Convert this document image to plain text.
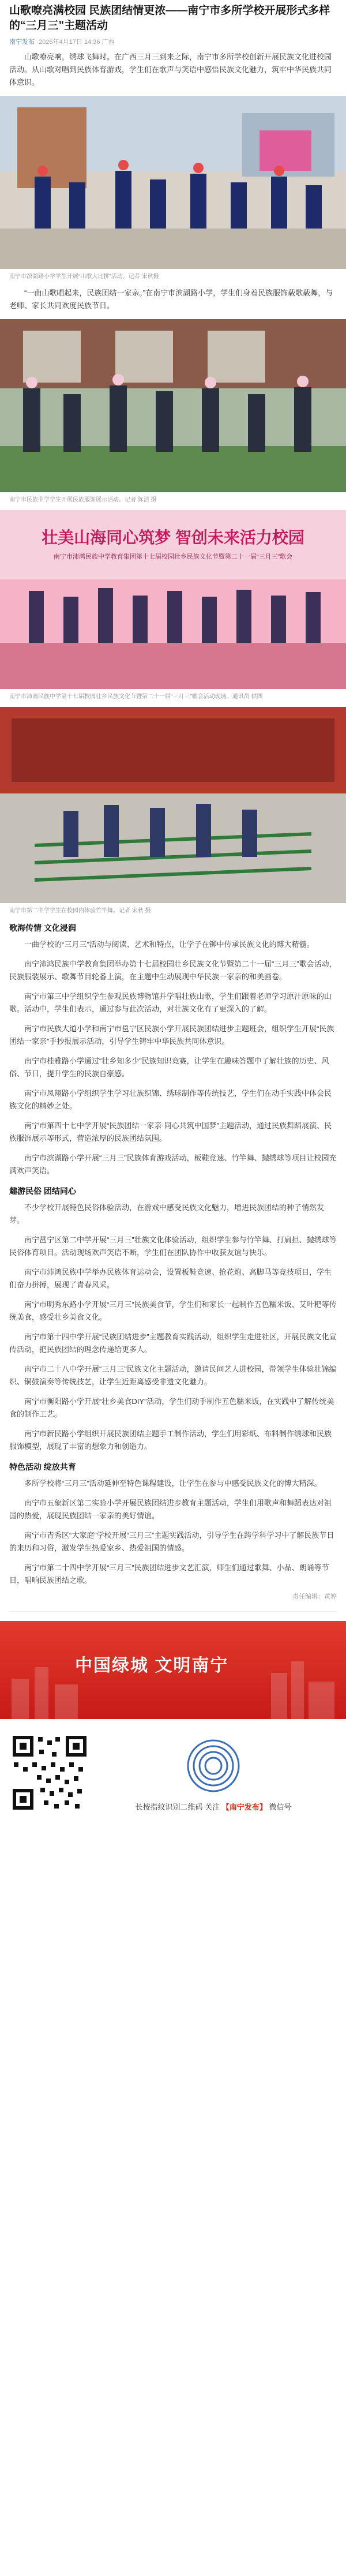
山歌嘹亮满校园 民族团结情更浓——南宁市多所学校开展形式多样的“三月三”主题活动
南宁发布 2026年4月17日 14:36 广西

山歌嘹亮响，绣球飞舞时。在广西三月三到来之际，南宁市多所学校创新开展民族文化进校园活动。从山歌对唱到民族体育游戏，学生们在歌声与笑语中感悟民族文化魅力，筑牢中华民族共同体意识。

南宁市滨湖路小学学生开展“山歌大比拼”活动。记者 宋秋摄

“一曲山歌唱起来，民族团结一家亲。”在南宁市滨湖路小学，学生们身着民族服饰载歌载舞，与老师、家长共同欢度民族节日。

南宁市民族中学学生开展民族服饰展示活动。记者 陈洁 摄
壮美山海同心筑梦 智创未来活力校园
南宁市沛鸿民族中学教育集团第十七届校园壮乡民族文化节暨第二十一届“三月三”歌会
南宁市沛鸿民族中学第十七届校园壮乡民族文化节暨第二十一届“三月三”歌会活动现场。通讯员 供图
南宁市第二中学学生在校园内体验竹竿舞。记者 宋秋 摄
歌海传情 文化浸润

一曲学校的“三月三”活动与阅读、艺术和特点，让学子在铆中传承民族文化的博大精髓。

南宁沛鸿民族中学教育集团举办第十七届校园壮乡民族文化节暨第二十一届“三月三”歌会活动，民族服装展示、歌舞节目轮番上演，在主题中生动展现中华民族一家亲的和美画卷。

南宁市第三中学组织学生参观民族博物馆并学唱壮族山歌，学生们跟着老师学习原汁原味的山歌。活动中，学生们表示，通过参与此次活动，对壮族文化有了更深入的了解。

南宁市民族大道小学和南宁市邕宁区民族小学开展民族团结进步主题班会，组织学生开展“民族团结一家亲”手抄报展示活动，引导学生铸牢中华民族共同体意识。

南宁市桂雅路小学通过“壮乡知多少”民族知识竞赛，让学生在趣味答题中了解壮族的历史、风俗、节日，提升学生的民族自豪感。

南宁市凤翔路小学组织学生学习壮族织锦、绣球制作等传统技艺，学生们在动手实践中体会民族文化的精妙之处。

南宁市第四十七中学开展“民族团结一家亲·同心共筑中国梦”主题活动，通过民族舞蹈展演、民族服饰展示等形式，营造浓厚的民族团结氛围。

南宁市滨湖路小学开展“三月三”民族体育游戏活动，板鞋竞速、竹竿舞、抛绣球等项目让校园充满欢声笑语。

趣游民俗 团结同心

不少学校开展特色民俗体验活动，在游戏中感受民族文化魅力，增进民族团结的种子悄然发芽。

南宁邕宁区第二中学开展“三月三”壮族文化体验活动，组织学生参与竹竿舞、打扁担、抛绣球等民俗体育项目。活动现场欢声笑语不断，学生们在团队协作中收获友谊与快乐。

南宁市沛鸿民族中学举办民族体育运动会，设置板鞋竞速、抢花炮、高脚马等竞技项目，学生们奋力拼搏，展现了青春风采。

南宁市明秀东路小学开展“三月三”民族美食节，学生们和家长一起制作五色糯米饭、艾叶粑等传统美食，感受壮乡美食文化。

南宁市第十四中学开展“民族团结进步”主题教育实践活动，组织学生走进社区，开展民族文化宣传活动，把民族团结的理念传递给更多人。

南宁市二十八中学开展“三月三”民族文化主题活动，邀请民间艺人进校园，带领学生体验壮锦编织、铜鼓演奏等传统技艺，让学生近距离感受非遗文化魅力。

南宁市衡阳路小学开展“壮乡美食DIY”活动，学生们动手制作五色糯米饭，在实践中了解传统美食的制作工艺。

南宁市新民路小学组织开展民族团结主题手工制作活动，学生们用彩纸、布料制作绣球和民族服饰模型，展现了丰富的想象力和创造力。

特色活动 绽放共育

多所学校将“三月三”活动延伸至特色课程建设，让学生在参与中感受民族文化的博大精深。

南宁市五象新区第二实验小学开展民族团结进步教育主题活动，学生们用歌声和舞蹈表达对祖国的热爱，展现民族团结一家亲的美好情谊。

南宁市青秀区“大家庭”学校开展“三月三”主题实践活动，引导学生在跨学科学习中了解民族节日的来历和习俗，激发学生热爱家乡、热爱祖国的情感。

南宁市第二十四中学开展“三月三”民族团结进步文艺汇演，师生们通过歌舞、小品、朗诵等节目，唱响民族团结之歌。

责任编辑：黄婷
中国绿城 文明南宁
长按指纹识别二维码 关注 【南宁发布】 微信号
